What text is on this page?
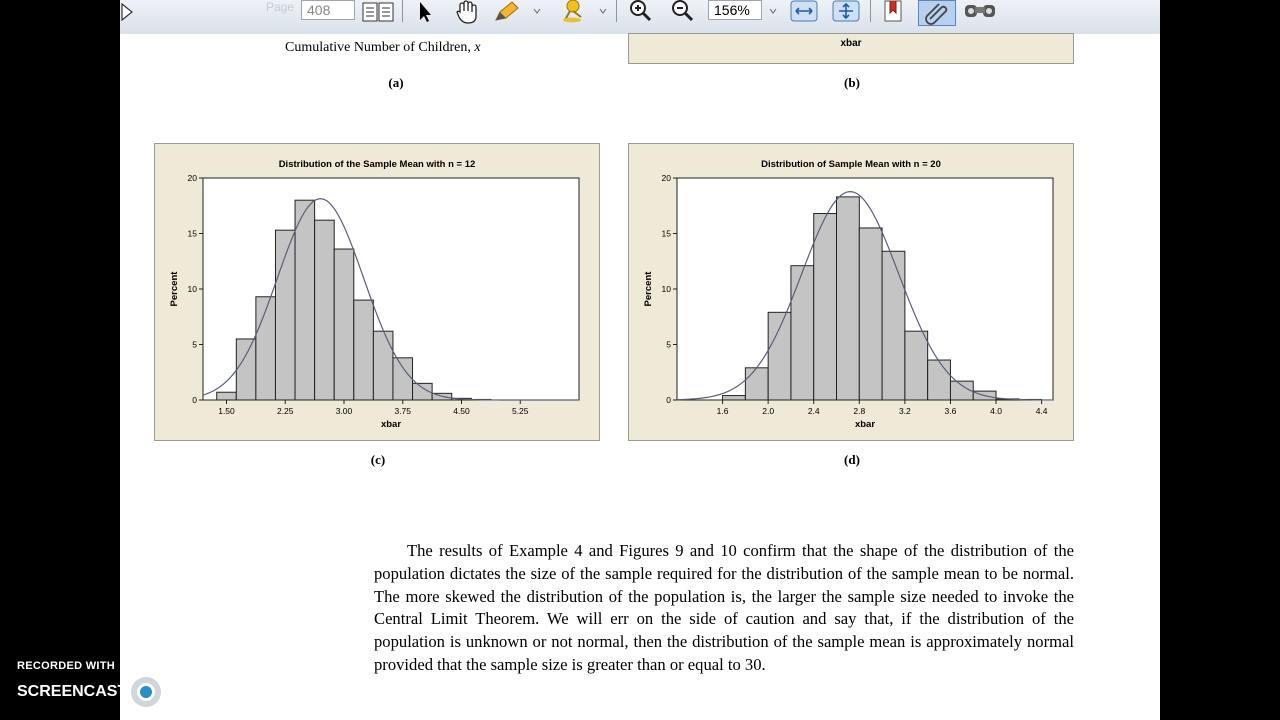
Page 408	156%
Cumulative Number of Children, x
(a)
xbar
(b)
Distribution of the Sample Mean with n = 12
0
5
10
15
20
1.50	2.25	3.00	3.75	4.50	5.25
xbar
Percent
(c)
Distribution of Sample Mean with n = 20
0
5
10
15
20
1.6	2.0	2.4	2.8	3.2	3.6	4.0	4.4
xbar
Percent
(d)

The results of Example 4 and Figures 9 and 10 confirm that the shape of the distribution of the population dictates the size of the sample required for the distribution of the sample mean to be normal. The more skewed the distribution of the population is, the larger the sample size needed to invoke the Central Limit Theorem. We will err on the side of caution and say that, if the distribution of the population is unknown or not normal, then the distribution of the sample mean is approximately normal provided that the sample size is greater than or equal to 30.

RECORDED WITH
SCREENCAST MATIC
